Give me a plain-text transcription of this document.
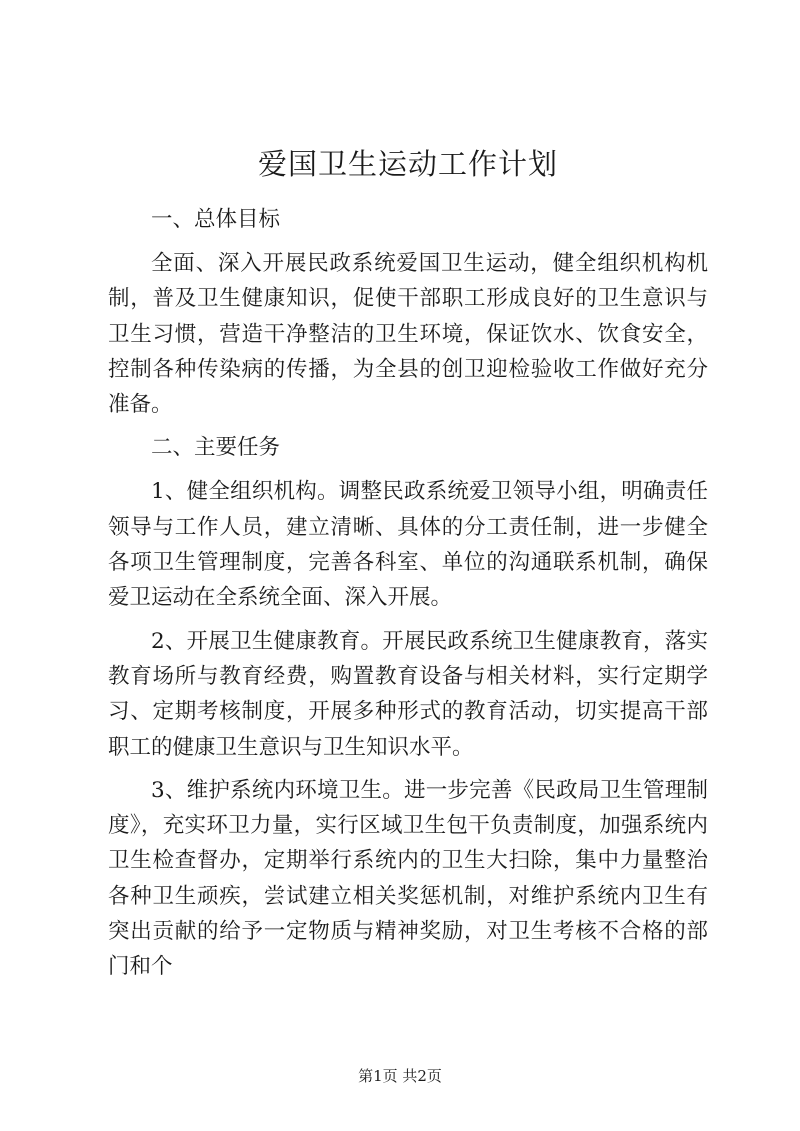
爱国卫生运动工作计划
一、总体目标

全面、深入开展民政系统爱国卫生运动，健全组织机构机制，普及卫生健康知识，促使干部职工形成良好的卫生意识与卫生习惯，营造干净整洁的卫生环境，保证饮水、饮食安全，控制各种传染病的传播，为全县的创卫迎检验收工作做好充分准备。

二、主要任务

1、健全组织机构。调整民政系统爱卫领导小组，明确责任领导与工作人员，建立清晰、具体的分工责任制，进一步健全各项卫生管理制度，完善各科室、单位的沟通联系机制，确保爱卫运动在全系统全面、深入开展。

2、开展卫生健康教育。开展民政系统卫生健康教育，落实教育场所与教育经费，购置教育设备与相关材料，实行定期学习、定期考核制度，开展多种形式的教育活动，切实提高干部职工的健康卫生意识与卫生知识水平。

3、维护系统内环境卫生。进一步完善《民政局卫生管理制度》，充实环卫力量，实行区域卫生包干负责制度，加强系统内卫生检查督办，定期举行系统内的卫生大扫除，集中力量整治各种卫生顽疾，尝试建立相关奖惩机制，对维护系统内卫生有突出贡献的给予一定物质与精神奖励，对卫生考核不合格的部门和个

第1页 共2页
